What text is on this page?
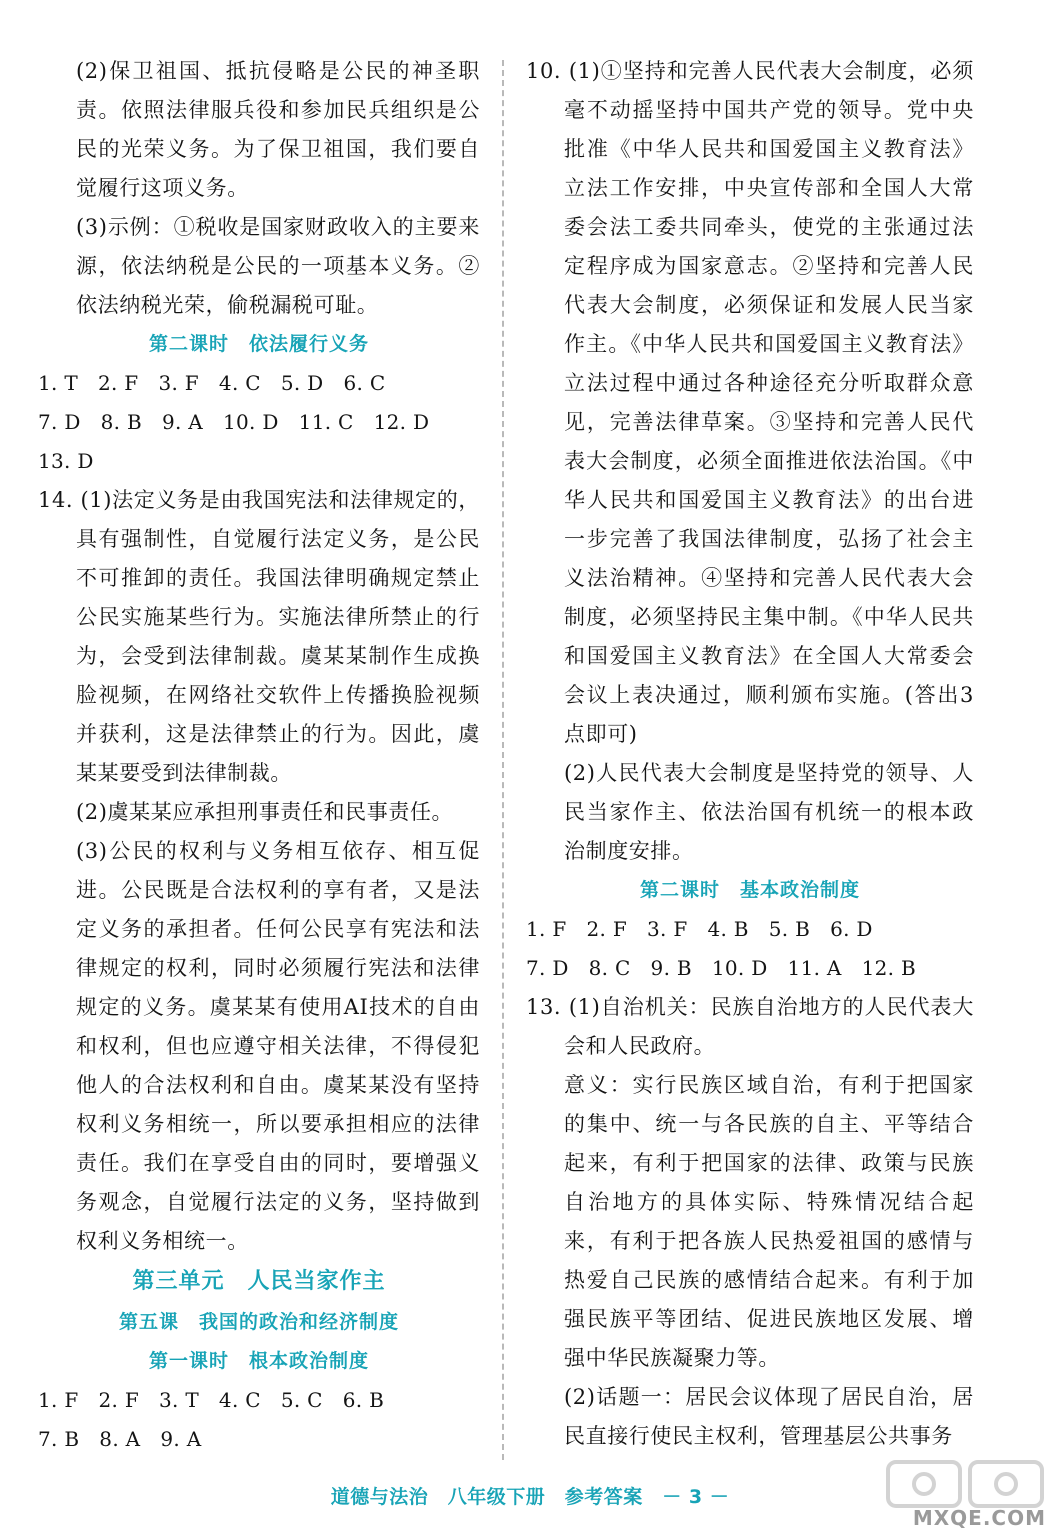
(2)保卫祖国、抵抗侵略是公民的神圣职责。依照法律服兵役和参加民兵组织是公民的光荣义务。为了保卫祖国，我们要自觉履行这项义务。
(3)示例：①税收是国家财政收入的主要来源，依法纳税是公民的一项基本义务。②依法纳税光荣，偷税漏税可耻。
第二课时　依法履行义务
1. T   2. F   3. F   4. C   5. D   6. C
7. D   8. B   9. A   10. D   11. C   12. D
13. D
14. (1)法定义务是由我国宪法和法律规定的，具有强制性，自觉履行法定义务，是公民不可推卸的责任。我国法律明确规定禁止公民实施某些行为。实施法律所禁止的行为，会受到法律制裁。虞某某制作生成换脸视频，在网络社交软件上传播换脸视频并获利，这是法律禁止的行为。因此，虞某某要受到法律制裁。
(2)虞某某应承担刑事责任和民事责任。
(3)公民的权利与义务相互依存、相互促进。公民既是合法权利的享有者，又是法定义务的承担者。任何公民享有宪法和法律规定的权利，同时必须履行宪法和法律规定的义务。虞某某有使用AI技术的自由和权利，但也应遵守相关法律，不得侵犯他人的合法权利和自由。虞某某没有坚持权利义务相统一，所以要承担相应的法律责任。我们在享受自由的同时，要增强义务观念，自觉履行法定的义务，坚持做到权利义务相统一。
第三单元　人民当家作主
第五课　我国的政治和经济制度
第一课时　根本政治制度
1. F   2. F   3. T   4. C   5. C   6. B
7. B   8. A   9. A
10. (1)①坚持和完善人民代表大会制度，必须毫不动摇坚持中国共产党的领导。党中央批准《中华人民共和国爱国主义教育法》立法工作安排，中央宣传部和全国人大常委会法工委共同牵头，使党的主张通过法定程序成为国家意志。②坚持和完善人民代表大会制度，必须保证和发展人民当家作主。《中华人民共和国爱国主义教育法》立法过程中通过各种途径充分听取群众意见，完善法律草案。③坚持和完善人民代表大会制度，必须全面推进依法治国。《中华人民共和国爱国主义教育法》的出台进一步完善了我国法律制度，弘扬了社会主义法治精神。④坚持和完善人民代表大会制度，必须坚持民主集中制。《中华人民共和国爱国主义教育法》在全国人大常委会会议上表决通过，顺利颁布实施。(答出3点即可)
(2)人民代表大会制度是坚持党的领导、人民当家作主、依法治国有机统一的根本政治制度安排。
第二课时　基本政治制度
1. F   2. F   3. F   4. B   5. B   6. D
7. D   8. C   9. B   10. D   11. A   12. B
13. (1)自治机关：民族自治地方的人民代表大会和人民政府。
意义：实行民族区域自治，有利于把国家的集中、统一与各民族的自主、平等结合起来，有利于把国家的法律、政策与民族自治地方的具体实际、特殊情况结合起来，有利于把各族人民热爱祖国的感情与热爱自己民族的感情结合起来。有利于加强民族平等团结、促进民族地区发展、增强中华民族凝聚力等。
(2)话题一：居民会议体现了居民自治，居民直接行使民主权利，管理基层公共事务
道德与法治　八年级下册　参考答案　－ 3 －
MXQE.COM
